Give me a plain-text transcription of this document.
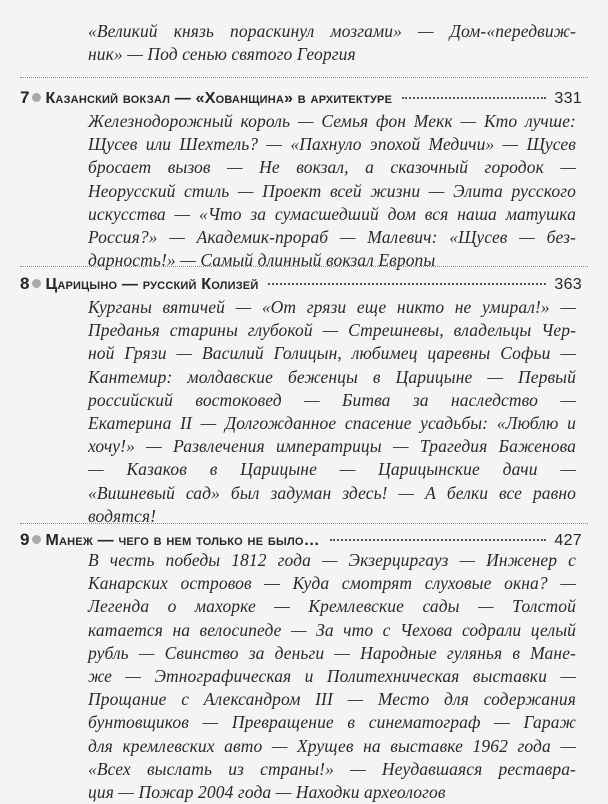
«Великий князь пораскинул мозгами» — Дом-«передвиж-
ник» — Под сенью святого Георгия
7 Казанский вокзал — «Хованщина» в архитектуре	331
Железнодорожный король — Семья фон Мекк — Кто лучше:
Щусев или Шехтель? — «Пахнуло эпохой Медичи» — Щусев
бросает вызов — Не вокзал, а сказочный городок —
Неорусский стиль — Проект всей жизни — Элита русского
искусства — «Что за сумасшедший дом вся наша матушка
Россия?» — Академик-прораб — Малевич: «Щусев — без-
дарность!» — Самый длинный вокзал Европы
8 Царицыно — русский Колизей	363
Курганы вятичей — «От грязи еще никто не умирал!» —
Преданья старины глубокой — Стрешневы, владельцы Чер-
ной Грязи — Василий Голицын, любимец царевны Софьи —
Кантемир: молдавские беженцы в Царицыне — Первый
российский востоковед — Битва за наследство —
Екатерина II — Долгожданное спасение усадьбы: «Люблю и
хочу!» — Развлечения императрицы — Трагедия Баженова
— Казаков в Царицыне — Царицынские дачи —
«Вишневый сад» был задуман здесь! — А белки все равно
водятся!
9 Манеж — чего в нем только не было…	427
В честь победы 1812 года — Экзерциргауз — Инженер с
Канарских островов — Куда смотрят слуховые окна? —
Легенда о махорке — Кремлевские сады — Толстой
катается на велосипеде — За что с Чехова содрали целый
рубль — Свинство за деньги — Народные гулянья в Мане-
же — Этнографическая и Политехническая выставки —
Прощание с Александром III — Место для содержания
бунтовщиков — Превращение в синематограф — Гараж
для кремлевских авто — Хрущев на выставке 1962 года —
«Всех выслать из страны!» — Неудавшаяся реставра-
ция — Пожар 2004 года — Находки археологов
